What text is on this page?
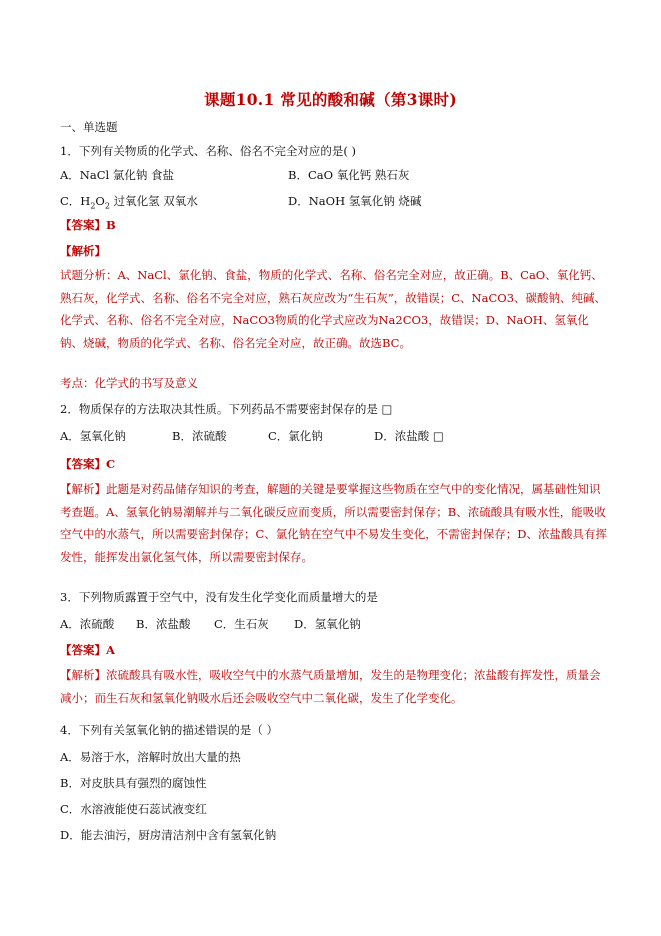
课题10.1 常见的酸和碱（第3课时)
一、单选题
1．下列有关物质的化学式、名称、俗名不完全对应的是( )
A．NaCl 氯化钠 食盐	B．CaO 氧化钙 熟石灰
C．$H_2O_2$ 过氧化氢 双氧水	D．NaOH 氢氧化钠 烧碱
【答案】B
【解析】
试题分析：A、NaCl、氯化钠、食盐，物质的化学式、名称、俗名完全对应，故正确。B、CaO、氧化钙、熟石灰，化学式、名称、俗名不完全对应，熟石灰应改为“生石灰”，故错误；C、NaCO3、碳酸钠、纯碱、化学式、名称、俗名不完全对应，NaCO3物质的化学式应改为Na2CO3，故错误；D、NaOH、氢氧化钠、烧碱，物质的化学式、名称、俗名完全对应，故正确。故选BC。
考点：化学式的书写及意义
2．物质保存的方法取决其性质。下列药品不需要密封保存的是 □
A．氢氧化钠	B．浓硫酸	C．氯化钠	D．浓盐酸 □
【答案】C
【解析】此题是对药品储存知识的考查，解题的关键是要掌握这些物质在空气中的变化情况，属基础性知识考查题。A、氢氧化钠易潮解并与二氧化碳反应而变质，所以需要密封保存；B、浓硫酸具有吸水性，能吸收空气中的水蒸气，所以需要密封保存；C、氯化钠在空气中不易发生变化，不需密封保存；D、浓盐酸具有挥发性，能挥发出氯化氢气体，所以需要密封保存。
3．下列物质露置于空气中，没有发生化学变化而质量增大的是
A．浓硫酸 B．浓盐酸 C．生石灰 D．氢氧化钠
【答案】A
【解析】浓硫酸具有吸水性，吸收空气中的水蒸气质量增加，发生的是物理变化；浓盐酸有挥发性，质量会减小；而生石灰和氢氧化钠吸水后还会吸收空气中二氧化碳，发生了化学变化。
4．下列有关氢氧化钠的描述错误的是（ ）
A．易溶于水，溶解时放出大量的热
B．对皮肤具有强烈的腐蚀性
C．水溶液能使石蕊试液变红
D．能去油污，厨房清洁剂中含有氢氧化钠
